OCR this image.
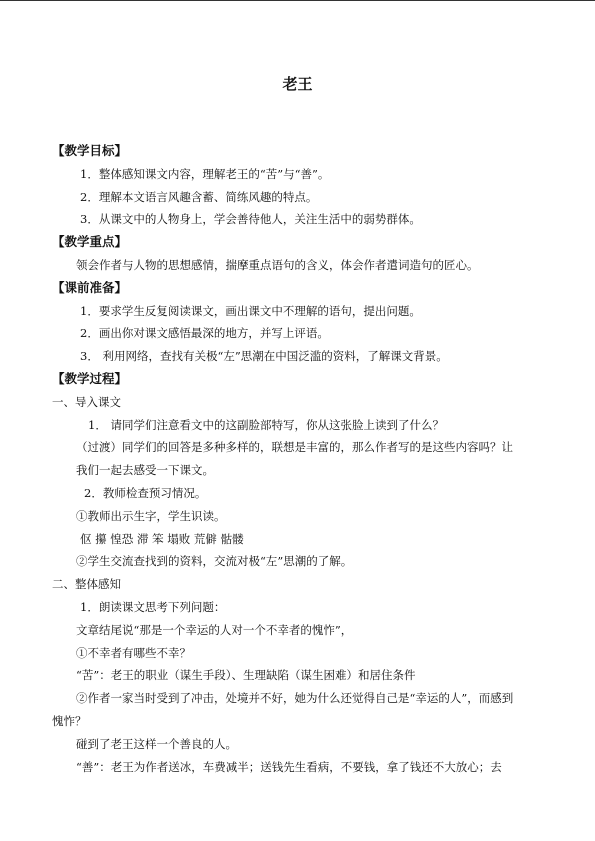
老王
【教学目标】
1．整体感知课文内容，理解老王的“苦”与“善”。
2．理解本文语言风趣含蓄、简练风趣的特点。
3．从课文中的人物身上，学会善待他人，关注生活中的弱势群体。
【教学重点】
领会作者与人物的思想感情，揣摩重点语句的含义，体会作者遣词造句的匠心。
【课前准备】
1．要求学生反复阅读课文，画出课文中不理解的语句，提出问题。
2．画出你对课文感悟最深的地方，并写上评语。
3． 利用网络，查找有关极“左”思潮在中国泛滥的资料，了解课文背景。
【教学过程】
一、导入课文
1． 请同学们注意看文中的这副脸部特写，你从这张脸上读到了什么？
（过渡）同学们的回答是多种多样的，联想是丰富的，那么作者写的是这些内容吗？让
我们一起去感受一下课文。
2．教师检查预习情况。
①教师出示生字，学生识读。
伛 攥 惶恐 滞 笨 塌败 荒僻 骷髅
②学生交流查找到的资料，交流对极“左”思潮的了解。
二、整体感知
1．朗读课文思考下列问题：
文章结尾说“那是一个幸运的人对一个不幸者的愧怍”，
①不幸者有哪些不幸？
“苦”：老王的职业（谋生手段）、生理缺陷（谋生困难）和居住条件
②作者一家当时受到了冲击，处境并不好，她为什么还觉得自己是“幸运的人”，而感到
愧怍？
碰到了老王这样一个善良的人。
“善”：老王为作者送冰，车费减半；送钱先生看病，不要钱，拿了钱还不大放心；去
